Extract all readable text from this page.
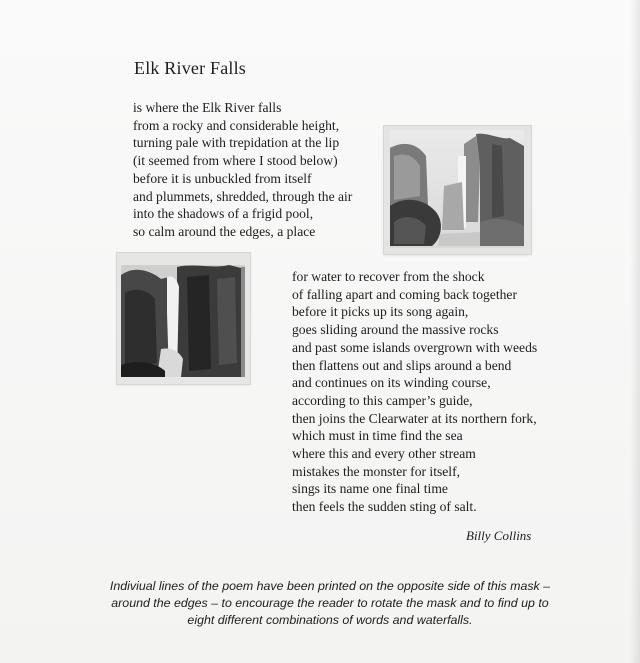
Elk River Falls
is where the Elk River falls
from a rocky and considerable height,
turning pale with trepidation at the lip
(it seemed from where I stood below)
before it is unbuckled from itself
and plummets, shredded, through the air
into the shadows of a frigid pool,
so calm around the edges, a place
for water to recover from the shock
of falling apart and coming back together
before it picks up its song again,
goes sliding around the massive rocks
and past some islands overgrown with weeds
then flattens out and slips around a bend
and continues on its winding course,
according to this camper’s guide,
then joins the Clearwater at its northern fork,
which must in time find the sea
where this and every other stream
mistakes the monster for itself,
sings its name one final time
then feels the sudden sting of salt.
Billy Collins

Indiviual lines of the poem have been printed on the opposite side of this mask –
around the edges – to encourage the reader to rotate the mask and to find up to
eight different combinations of words and waterfalls.
